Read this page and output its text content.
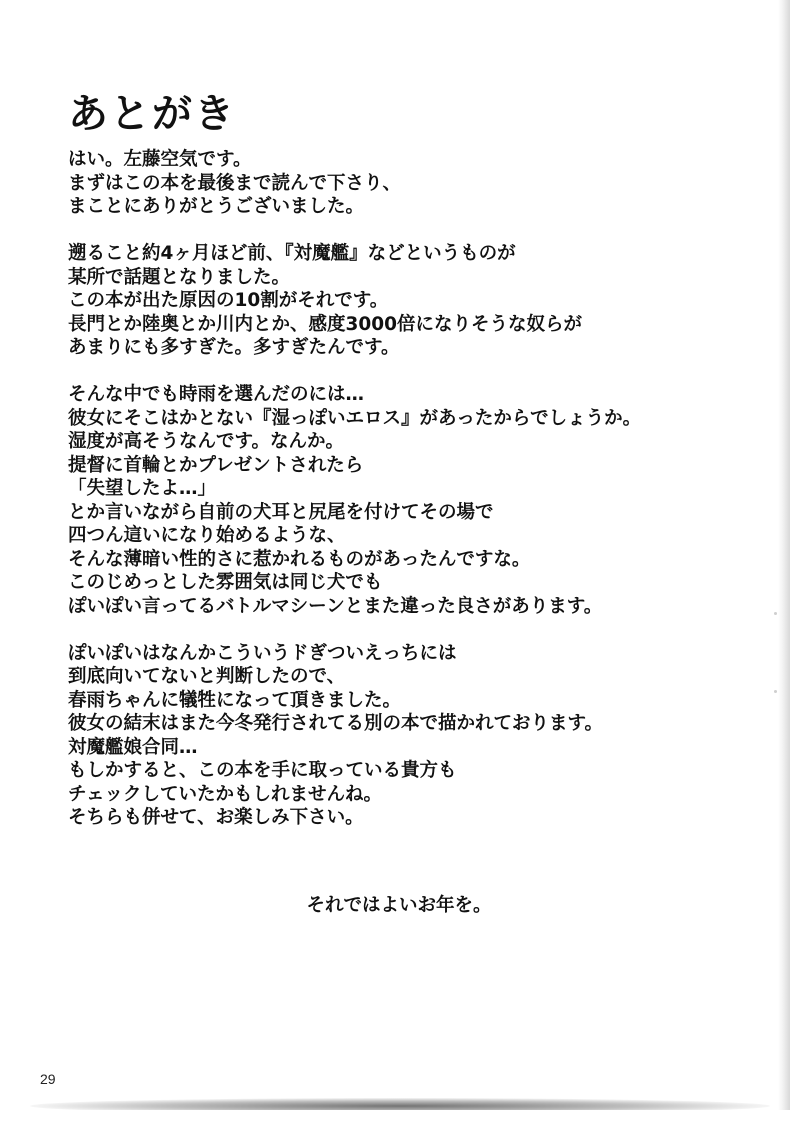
あとがき
はい。左藤空気です。
まずはこの本を最後まで読んで下さり、
まことにありがとうございました。
遡ること約4ヶ月ほど前、『対魔艦』などというものが
某所で話題となりました。
この本が出た原因の10割がそれです。
長門とか陸奥とか川内とか、感度3000倍になりそうな奴らが
あまりにも多すぎた。多すぎたんです。
そんな中でも時雨を選んだのには…
彼女にそこはかとない『湿っぽいエロス』があったからでしょうか。
湿度が高そうなんです。なんか。
提督に首輪とかプレゼントされたら
「失望したよ…」
とか言いながら自前の犬耳と尻尾を付けてその場で
四つん這いになり始めるような、
そんな薄暗い性的さに惹かれるものがあったんですな。
このじめっとした雰囲気は同じ犬でも
ぽいぽい言ってるバトルマシーンとまた違った良さがあります。
ぽいぽいはなんかこういうドぎついえっちには
到底向いてないと判断したので、
春雨ちゃんに犠牲になって頂きました。
彼女の結末はまた今冬発行されてる別の本で描かれております。
対魔艦娘合同…
もしかすると、この本を手に取っている貴方も
チェックしていたかもしれませんね。
そちらも併せて、お楽しみ下さい。
それではよいお年を。
29
